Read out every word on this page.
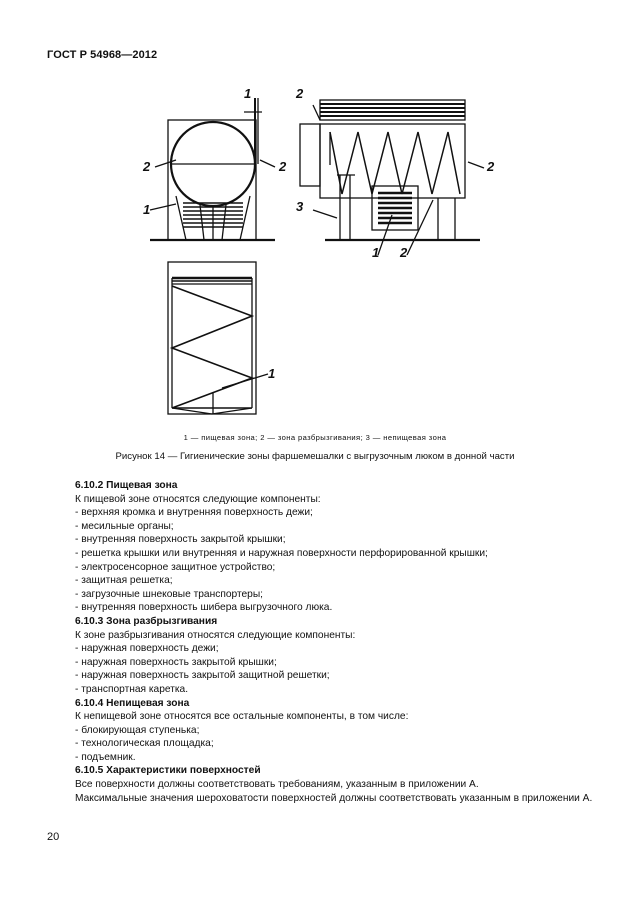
ГОСТ Р 54968—2012
2	2
1
1	2
2
3
1 2
1
1 — пищевая зона; 2 — зона разбрызгивания; 3 — непищевая зона
Рисунок 14 — Гигиенические зоны фаршемешалки с выгрузочным люком в донной части

6.10.2 Пищевая зона

К пищевой зоне относятся следующие компоненты:

- верхняя кромка и внутренняя поверхность дежи;

- месильные органы;

- внутренняя поверхность закрытой крышки;

- решетка крышки или внутренняя и наружная поверхности перфорированной крышки;

- электросенсорное защитное устройство;

- защитная решетка;

- загрузочные шнековые транспортеры;

- внутренняя поверхность шибера выгрузочного люка.

6.10.3 Зона разбрызгивания

К зоне разбрызгивания относятся следующие компоненты:

- наружная поверхность дежи;

- наружная поверхность закрытой крышки;

- наружная поверхность закрытой защитной решетки;

- транспортная каретка.

6.10.4 Непищевая зона

К непищевой зоне относятся все остальные компоненты, в том числе:

- блокирующая ступенька;

- технологическая площадка;

- подъемник.

6.10.5 Характеристики поверхностей

Все поверхности должны соответствовать требованиям, указанным в приложении А.

Максимальные значения шероховатости поверхностей должны соответствовать указанным в приложении А.

20
